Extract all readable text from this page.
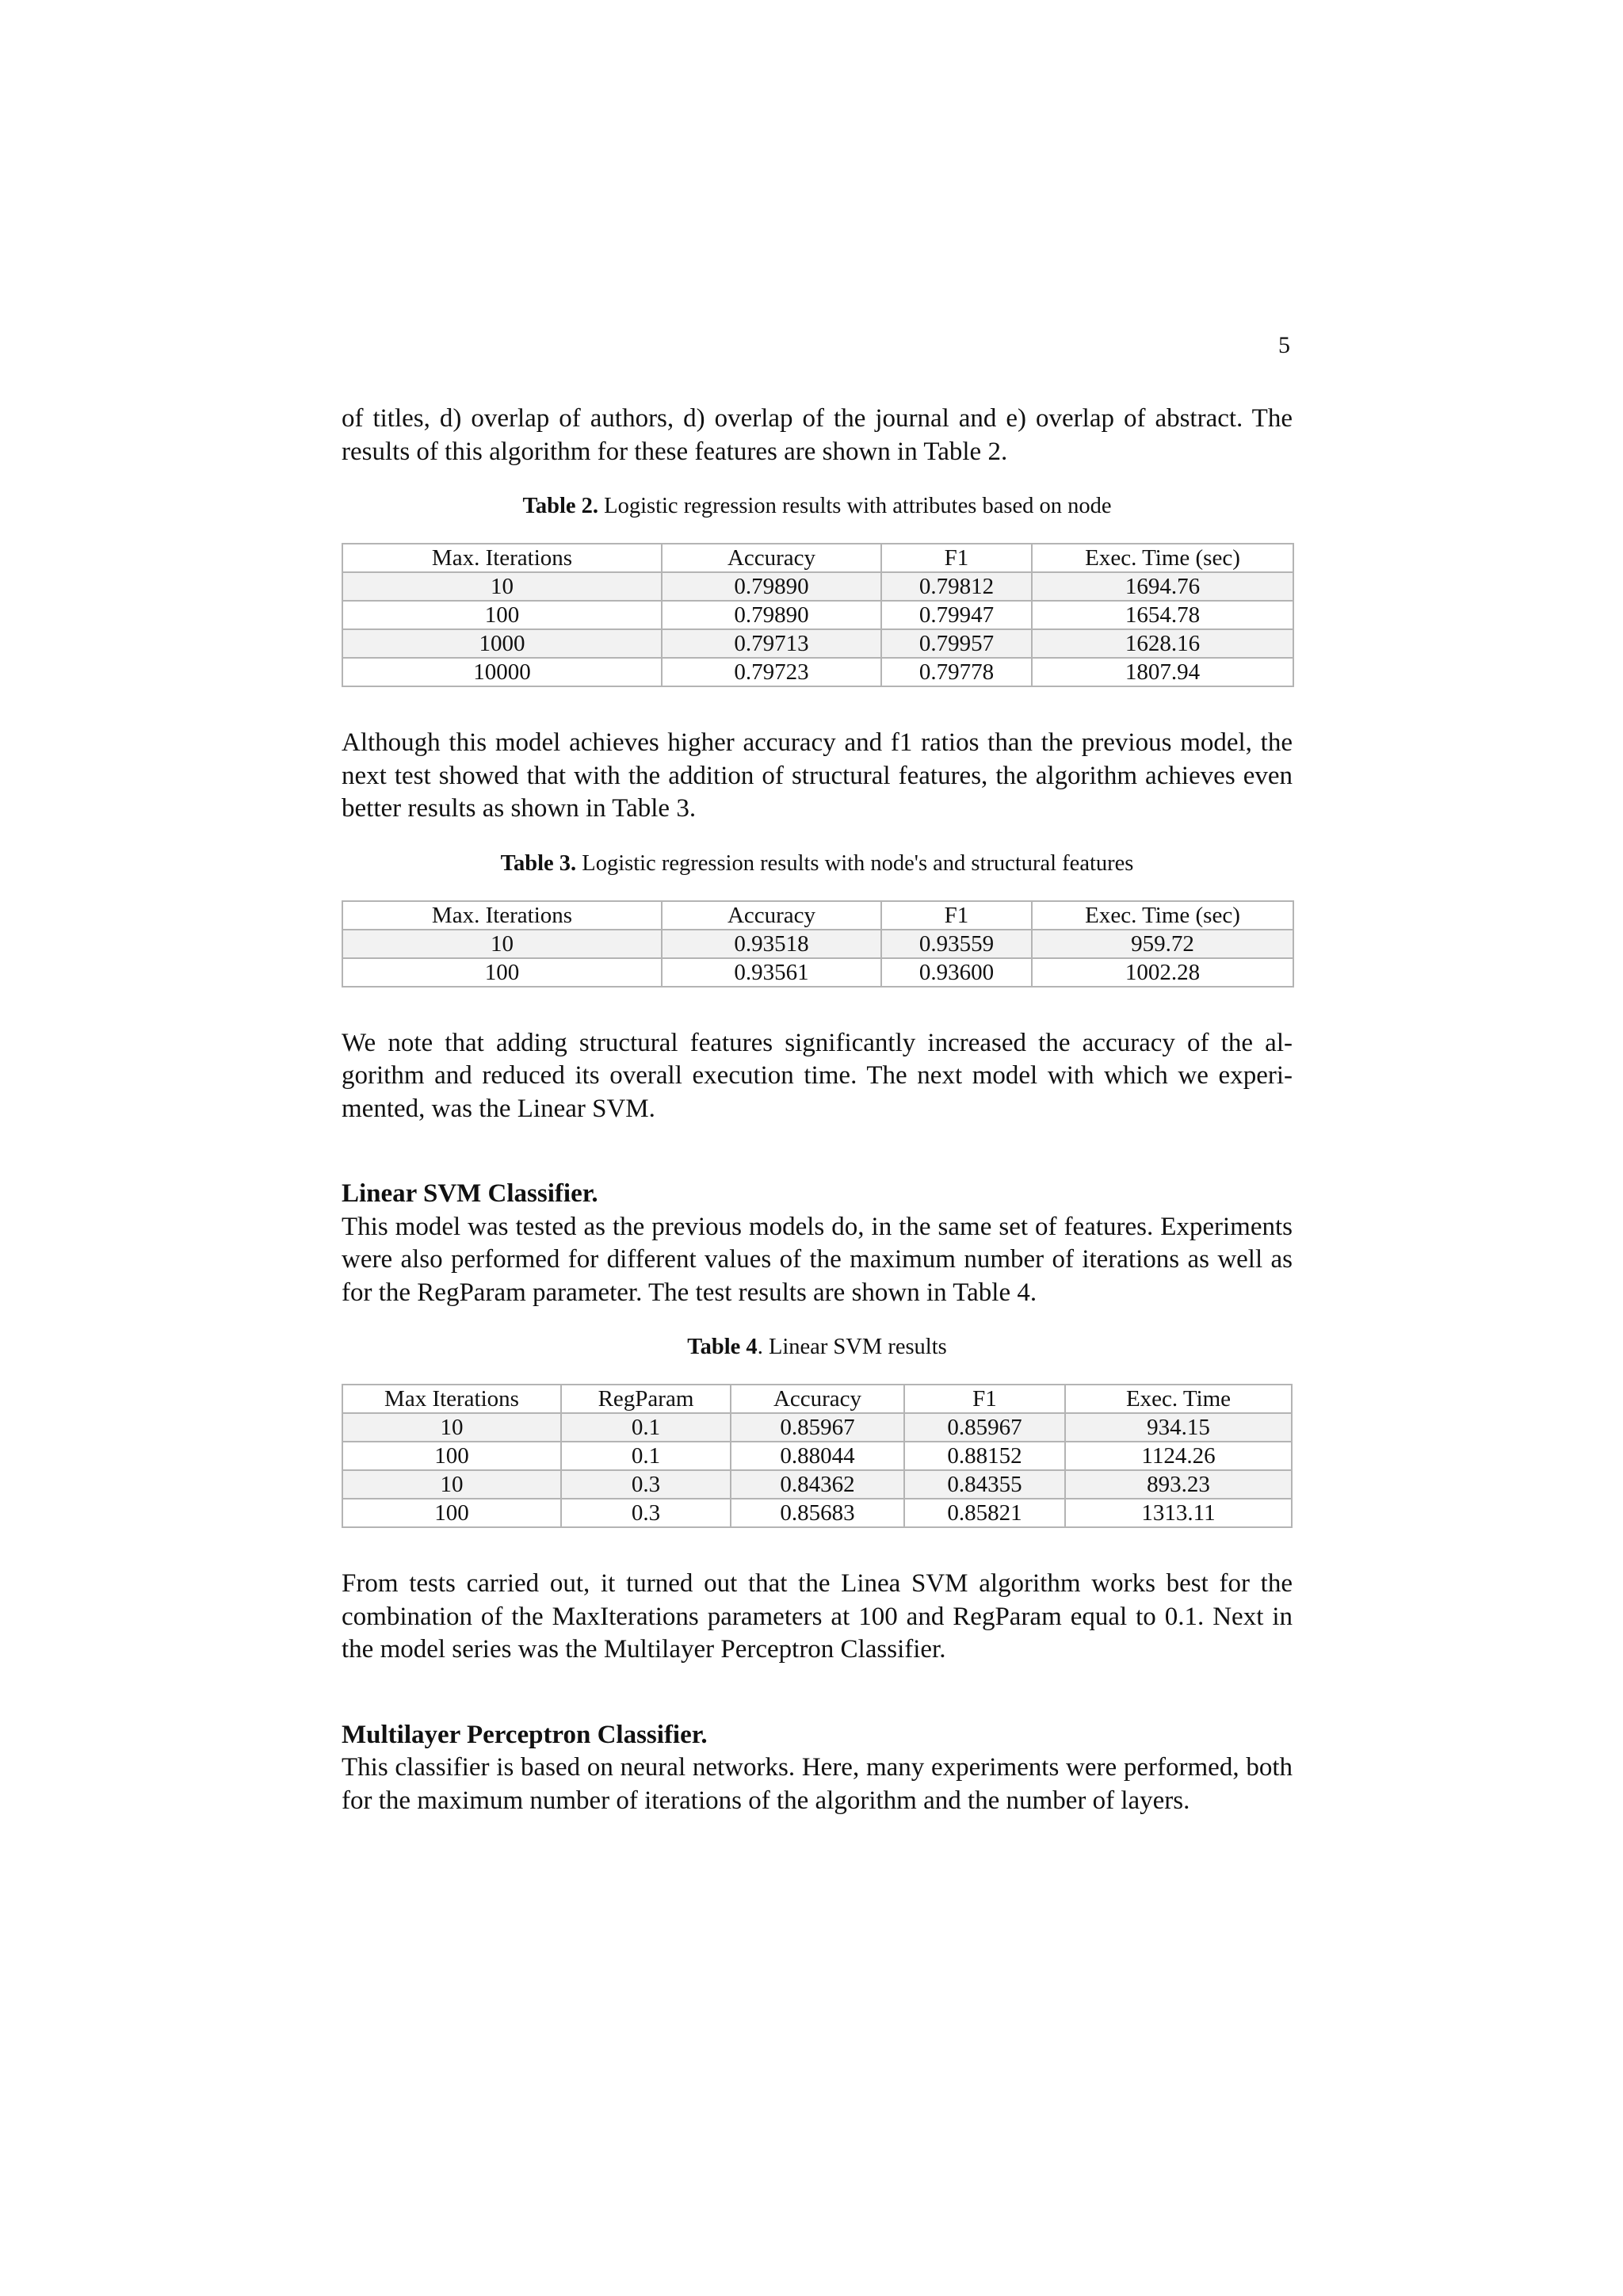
5

of titles, d) overlap of authors, d) overlap of the journal and e) overlap of abstract. The results of this algorithm for these features are shown in Table 2.

Table 2. Logistic regression results with attributes based on node

Max. Iterations	Accuracy	F1	Exec. Time (sec)
10	0.79890	0.79812	1694.76
100	0.79890	0.79947	1654.78
1000	0.79713	0.79957	1628.16
10000	0.79723	0.79778	1807.94

Although this model achieves higher accuracy and f1 ratios than the previous model, the next test showed that with the addition of structural features, the algorithm achieves even better results as shown in Table 3.

Table 3. Logistic regression results with node's and structural features

Max. Iterations	Accuracy	F1	Exec. Time (sec)
10	0.93518	0.93559	959.72
100	0.93561	0.93600	1002.28

We note that adding structural features significantly increased the accuracy of the algorithm and reduced its overall execution time. The next model with which we experimented, was the Linear SVM.

Linear SVM Classifier.

This model was tested as the previous models do, in the same set of features. Experiments were also performed for different values of the maximum number of iterations as well as for the RegParam parameter. The test results are shown in Table 4.

Table 4. Linear SVM results

Max Iterations	RegParam	Accuracy	F1	Exec. Time
10	0.1	0.85967	0.85967	934.15
100	0.1	0.88044	0.88152	1124.26
10	0.3	0.84362	0.84355	893.23
100	0.3	0.85683	0.85821	1313.11

From tests carried out, it turned out that the Linea SVM algorithm works best for the combination of the MaxIterations parameters at 100 and RegParam equal to 0.1. Next in the model series was the Multilayer Perceptron Classifier.

Multilayer Perceptron Classifier.

This classifier is based on neural networks. Here, many experiments were performed, both for the maximum number of iterations of the algorithm and the number of layers.
